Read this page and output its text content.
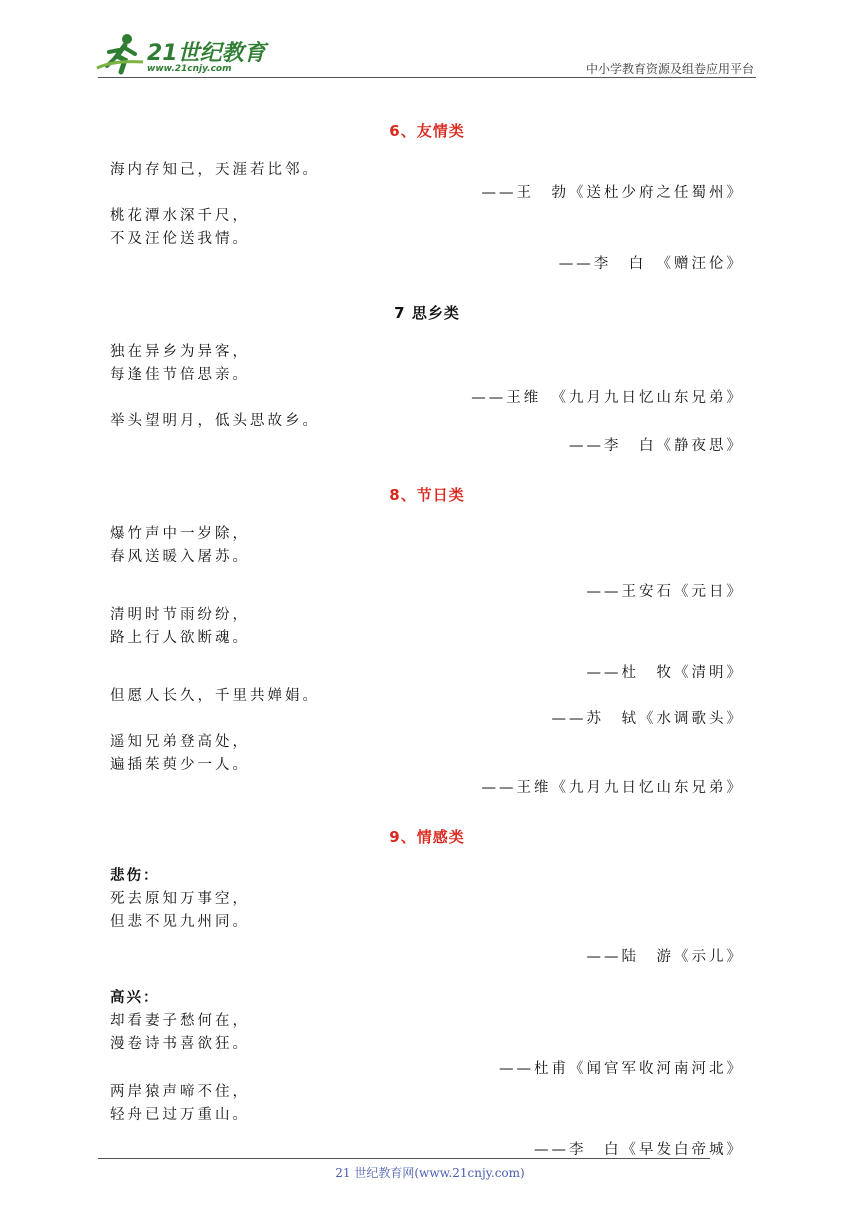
21世纪教育
www.21cnjy.com	中小学教育资源及组卷应用平台
6、友情类
海内存知己，天涯若比邻。
——王　勃《送杜少府之任蜀州》
桃花潭水深千尺，
不及汪伦送我情。
——李　白　《赠汪伦》
7 思乡类
独在异乡为异客，
每逢佳节倍思亲。
——王维　《九月九日忆山东兄弟》
举头望明月，低头思故乡。
——李　白《静夜思》
8、节日类
爆竹声中一岁除，
春风送暖入屠苏。
——王安石《元日》
清明时节雨纷纷，
路上行人欲断魂。
——杜　牧《清明》
但愿人长久，千里共婵娟。
——苏　轼《水调歌头》
遥知兄弟登高处，
遍插茱萸少一人。
——王维《九月九日忆山东兄弟》
9、情感类
悲伤：
死去原知万事空，
但悲不见九州同。
——陆　游《示儿》
高兴：
却看妻子愁何在，
漫卷诗书喜欲狂。
——杜甫《闻官军收河南河北》
两岸猿声啼不住，
轻舟已过万重山。
——李　白《早发白帝城》
21 世纪教育网(www.21cnjy.com)
